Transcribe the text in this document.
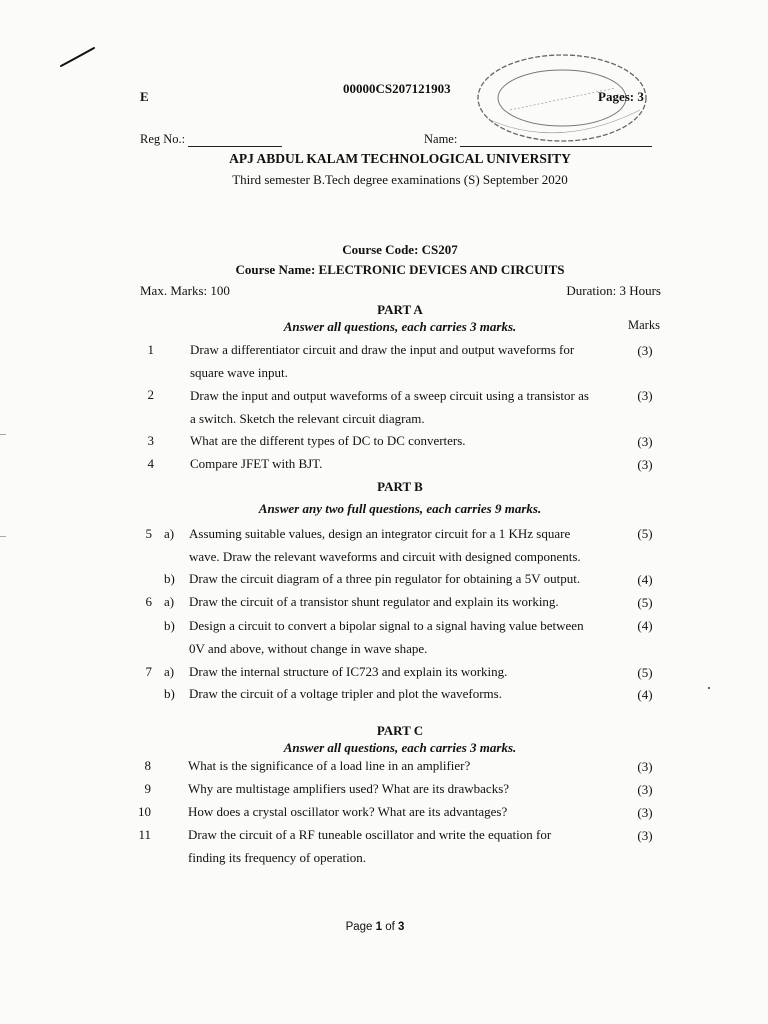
E
00000CS207121903
Pages: 3
Reg No.:	Name:
APJ ABDUL KALAM TECHNOLOGICAL UNIVERSITY
Third semester B.Tech degree examinations (S) September 2020
Course Code: CS207
Course Name: ELECTRONIC DEVICES AND CIRCUITS
Max. Marks: 100	Duration: 3 Hours
PART A
Answer all questions, each carries 3 marks.	Marks
1	Draw a differentiator circuit and draw the input and output waveforms for
square wave input.
(3)
2	Draw the input and output waveforms of a sweep circuit using a transistor as
a switch. Sketch the relevant circuit diagram.
(3)
3	What are the different types of DC to DC converters.	(3)
4	Compare JFET with BJT.	(3)
PART B
Answer any two full questions, each carries 9 marks.
5 a) Assuming suitable values, design an integrator circuit for a 1 KHz square
wave. Draw the relevant waveforms and circuit with designed components.
(5)
b) Draw the circuit diagram of a three pin regulator for obtaining a 5V output.	(4)
6 a) Draw the circuit of a transistor shunt regulator and explain its working.	(5)
b) Design a circuit to convert a bipolar signal to a signal having value between
0V and above, without change in wave shape.
(4)
7 a) Draw the internal structure of IC723 and explain its working.	(5)
b) Draw the circuit of a voltage tripler and plot the waveforms.	(4)
PART C
Answer all questions, each carries 3 marks.
8	What is the significance of a load line in an amplifier?	(3)
9	Why are multistage amplifiers used? What are its drawbacks?	(3)
10	How does a crystal oscillator work? What are its advantages?	(3)
11	Draw the circuit of a RF tuneable oscillator and write the equation for
finding its frequency of operation.
(3)
Page 1 of 3
